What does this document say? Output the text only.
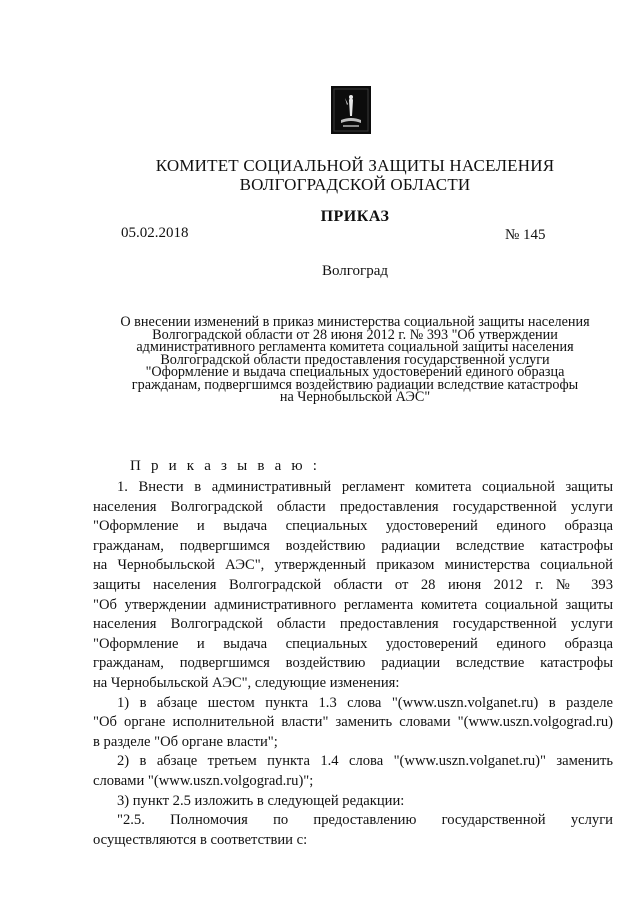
КОМИТЕТ СОЦИАЛЬНОЙ ЗАЩИТЫ НАСЕЛЕНИЯ
ВОЛГОГРАДСКОЙ ОБЛАСТИ
ПРИКАЗ
05.02.2018	№ 145
Волгоград
О внесении изменений в приказ министерства социальной защиты населения
Волгоградской области от 28 июня 2012 г. № 393 "Об утверждении
административного регламента комитета социальной защиты населения
Волгоградской области предоставления государственной услуги
"Оформление и выдача специальных удостоверений единого образца
гражданам, подвергшимся воздействию радиации вследствие катастрофы
на Чернобыльской АЭС"
П р и к а з ы в а ю :
1. Внести в административный регламент комитета социальной защиты
населения Волгоградской области предоставления государственной услуги
"Оформление и выдача специальных удостоверений единого образца
гражданам, подвергшимся воздействию радиации вследствие катастрофы
на Чернобыльской АЭС", утвержденный приказом министерства социальной
защиты населения Волгоградской области от 28 июня 2012 г. № 393
"Об утверждении административного регламента комитета социальной защиты
населения Волгоградской области предоставления государственной услуги
"Оформление и выдача специальных удостоверений единого образца
гражданам, подвергшимся воздействию радиации вследствие катастрофы
на Чернобыльской АЭС", следующие изменения:
1) в абзаце шестом пункта 1.3 слова "(www.uszn.volganet.ru) в разделе
"Об органе исполнительной власти" заменить словами "(www.uszn.volgograd.ru)
в разделе "Об органе власти";
2) в абзаце третьем пункта 1.4 слова "(www.uszn.volganet.ru)" заменить
словами "(www.uszn.volgograd.ru)";
3) пункт 2.5 изложить в следующей редакции:
"2.5. Полномочия по предоставлению государственной услуги
осуществляются в соответствии с:
